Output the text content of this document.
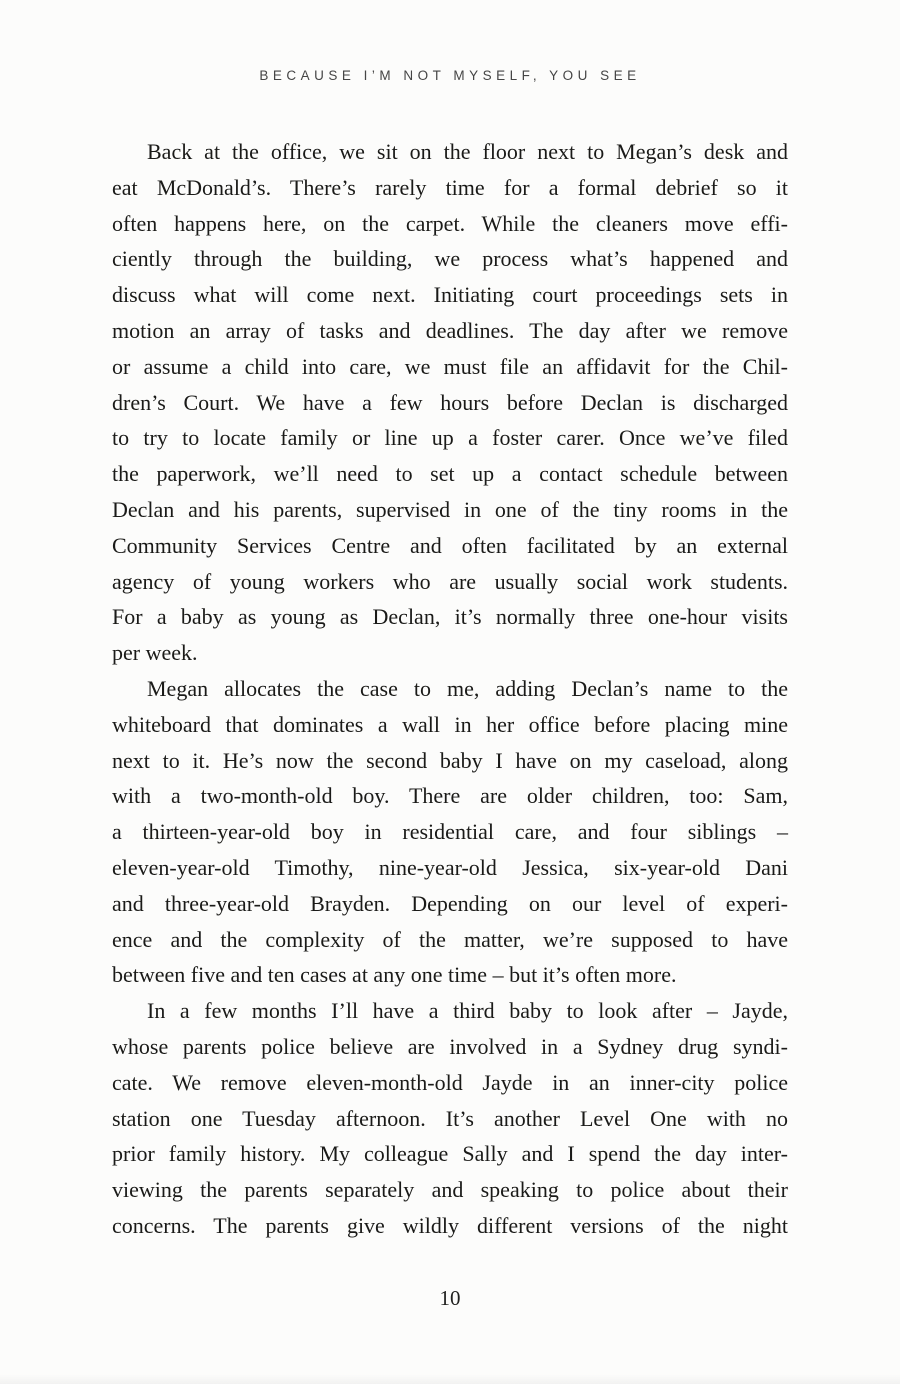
BECAUSE I’M NOT MYSELF, YOU SEE

Back at the office, we sit on the floor next to Megan’s desk and
eat McDonald’s. There’s rarely time for a formal debrief so it
often happens here, on the carpet. While the cleaners move effi-
ciently through the building, we process what’s happened and
discuss what will come next. Initiating court proceedings sets in
motion an array of tasks and deadlines. The day after we remove
or assume a child into care, we must file an affidavit for the Chil-
dren’s Court. We have a few hours before Declan is discharged
to try to locate family or line up a foster carer. Once we’ve filed
the paperwork, we’ll need to set up a contact schedule between
Declan and his parents, supervised in one of the tiny rooms in the
Community Services Centre and often facilitated by an external
agency of young workers who are usually social work students.
For a baby as young as Declan, it’s normally three one-hour visits
per week.

Megan allocates the case to me, adding Declan’s name to the
whiteboard that dominates a wall in her office before placing mine
next to it. He’s now the second baby I have on my caseload, along
with a two-month-old boy. There are older children, too: Sam,
a thirteen-year-old boy in residential care, and four siblings –
eleven-year-old Timothy, nine-year-old Jessica, six-year-old Dani
and three-year-old Brayden. Depending on our level of experi-
ence and the complexity of the matter, we’re supposed to have
between five and ten cases at any one time – but it’s often more.

In a few months I’ll have a third baby to look after – Jayde,
whose parents police believe are involved in a Sydney drug syndi-
cate. We remove eleven-month-old Jayde in an inner-city police
station one Tuesday afternoon. It’s another Level One with no
prior family history. My colleague Sally and I spend the day inter-
viewing the parents separately and speaking to police about their
concerns. The parents give wildly different versions of the night

10
